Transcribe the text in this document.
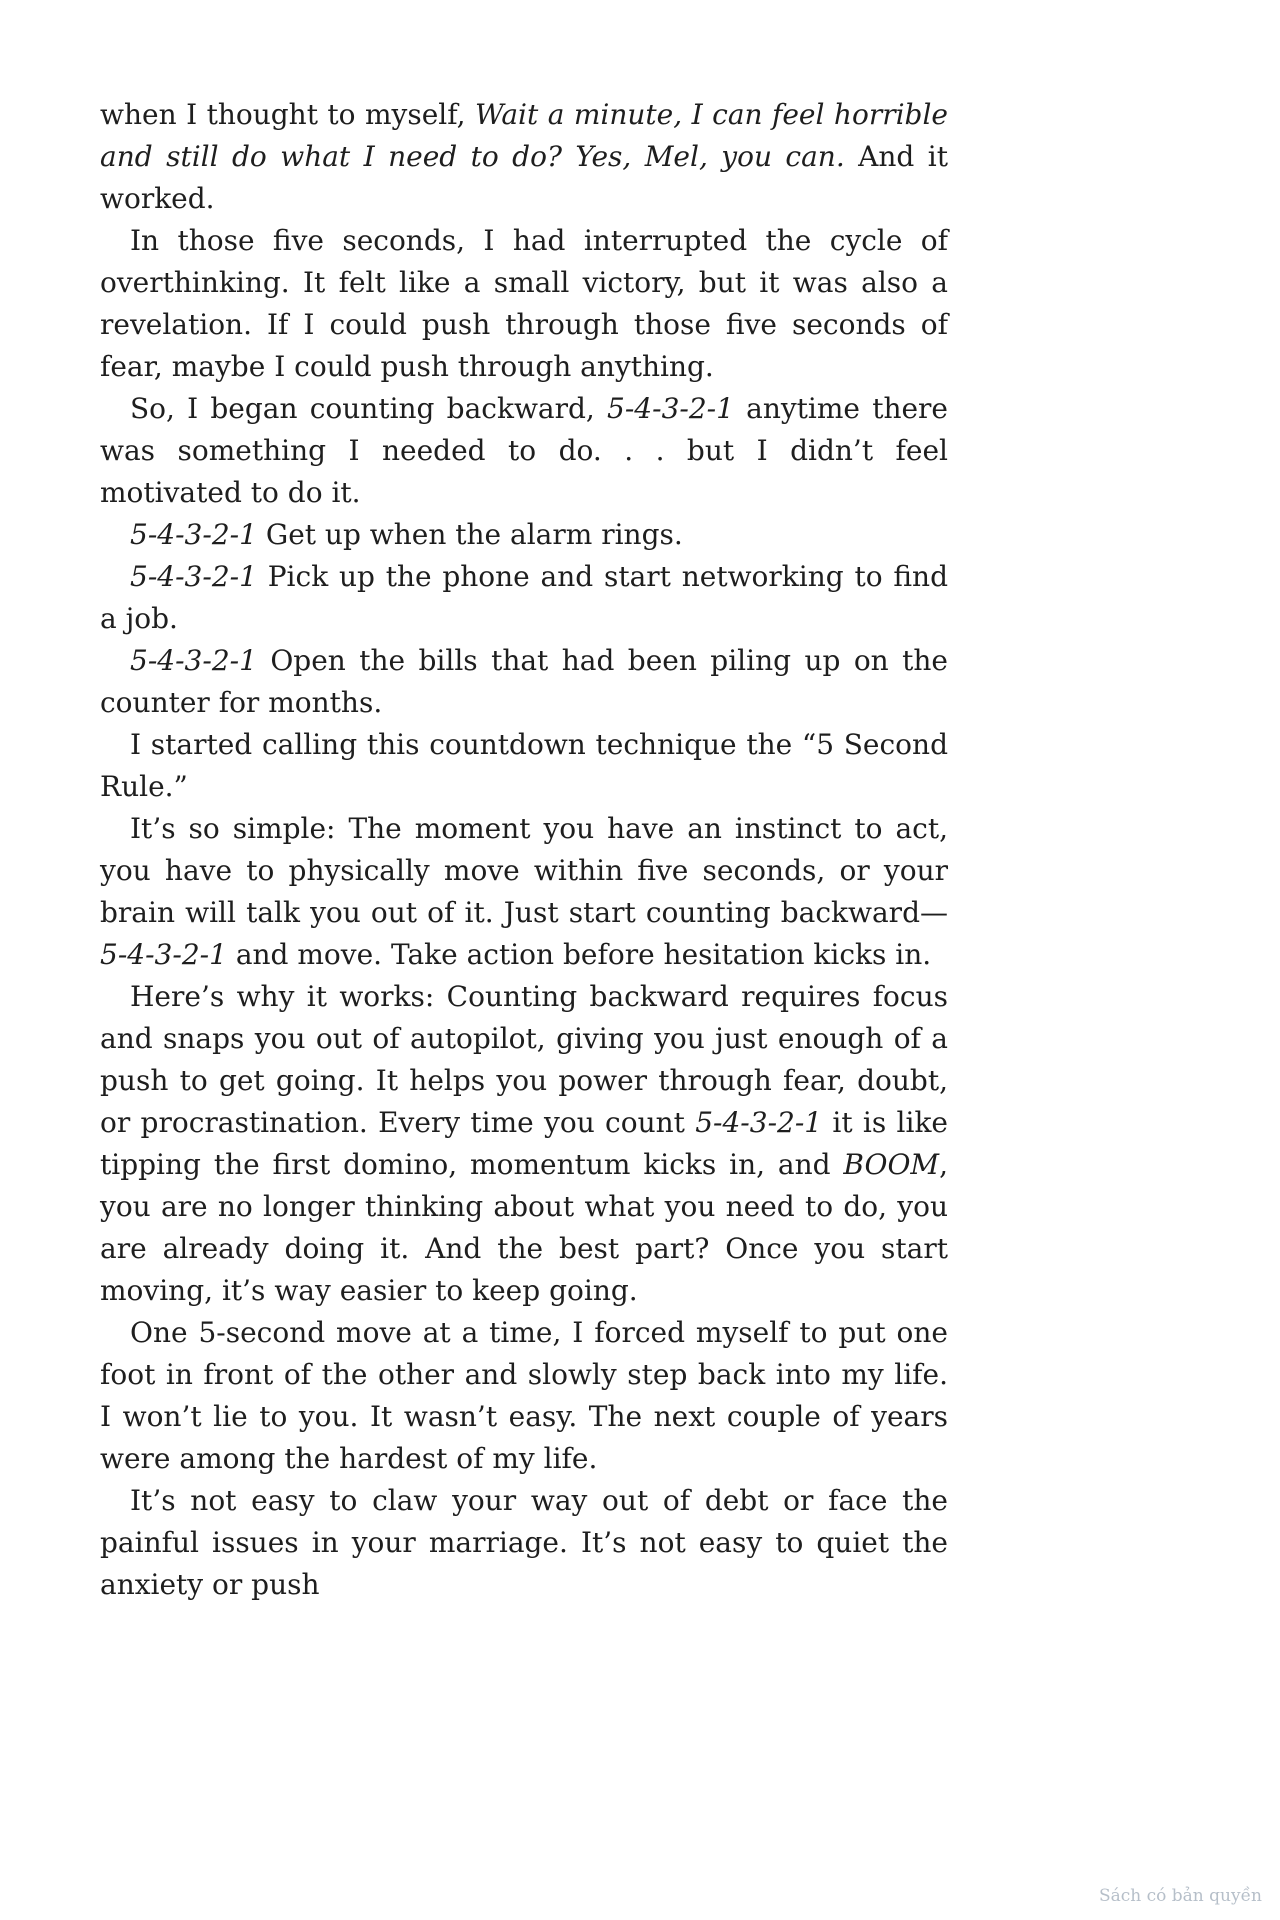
when I thought to myself, Wait a minute, I can feel horrible and still do what I need to do? Yes, Mel, you can. And it worked.

In those five seconds, I had interrupted the cycle of overthinking. It felt like a small victory, but it was also a revelation. If I could push through those five seconds of fear, maybe I could push through anything.

So, I began counting backward, 5-4-3-2-1 anytime there was something I needed to do. . . but I didn’t feel motivated to do it.

5-4-3-2-1 Get up when the alarm rings.

5-4-3-2-1 Pick up the phone and start networking to find a job.

5-4-3-2-1 Open the bills that had been piling up on the counter for months.

I started calling this countdown technique the “5 Second Rule.”

It’s so simple: The moment you have an instinct to act, you have to physically move within five seconds, or your brain will talk you out of it. Just start counting backward—5-4-3-2-1 and move. Take action before hesitation kicks in.

Here’s why it works: Counting backward requires focus and snaps you out of autopilot, giving you just enough of a push to get going. It helps you power through fear, doubt, or procrastination. Every time you count 5-4-3-2-1 it is like tipping the first domino, momentum kicks in, and BOOM, you are no longer thinking about what you need to do, you are already doing it. And the best part? Once you start moving, it’s way easier to keep going.

One 5-second move at a time, I forced myself to put one foot in front of the other and slowly step back into my life. I won’t lie to you. It wasn’t easy. The next couple of years were among the hardest of my life.

It’s not easy to claw your way out of debt or face the painful issues in your marriage. It’s not easy to quiet the anxiety or push

Sách có bản quyền
